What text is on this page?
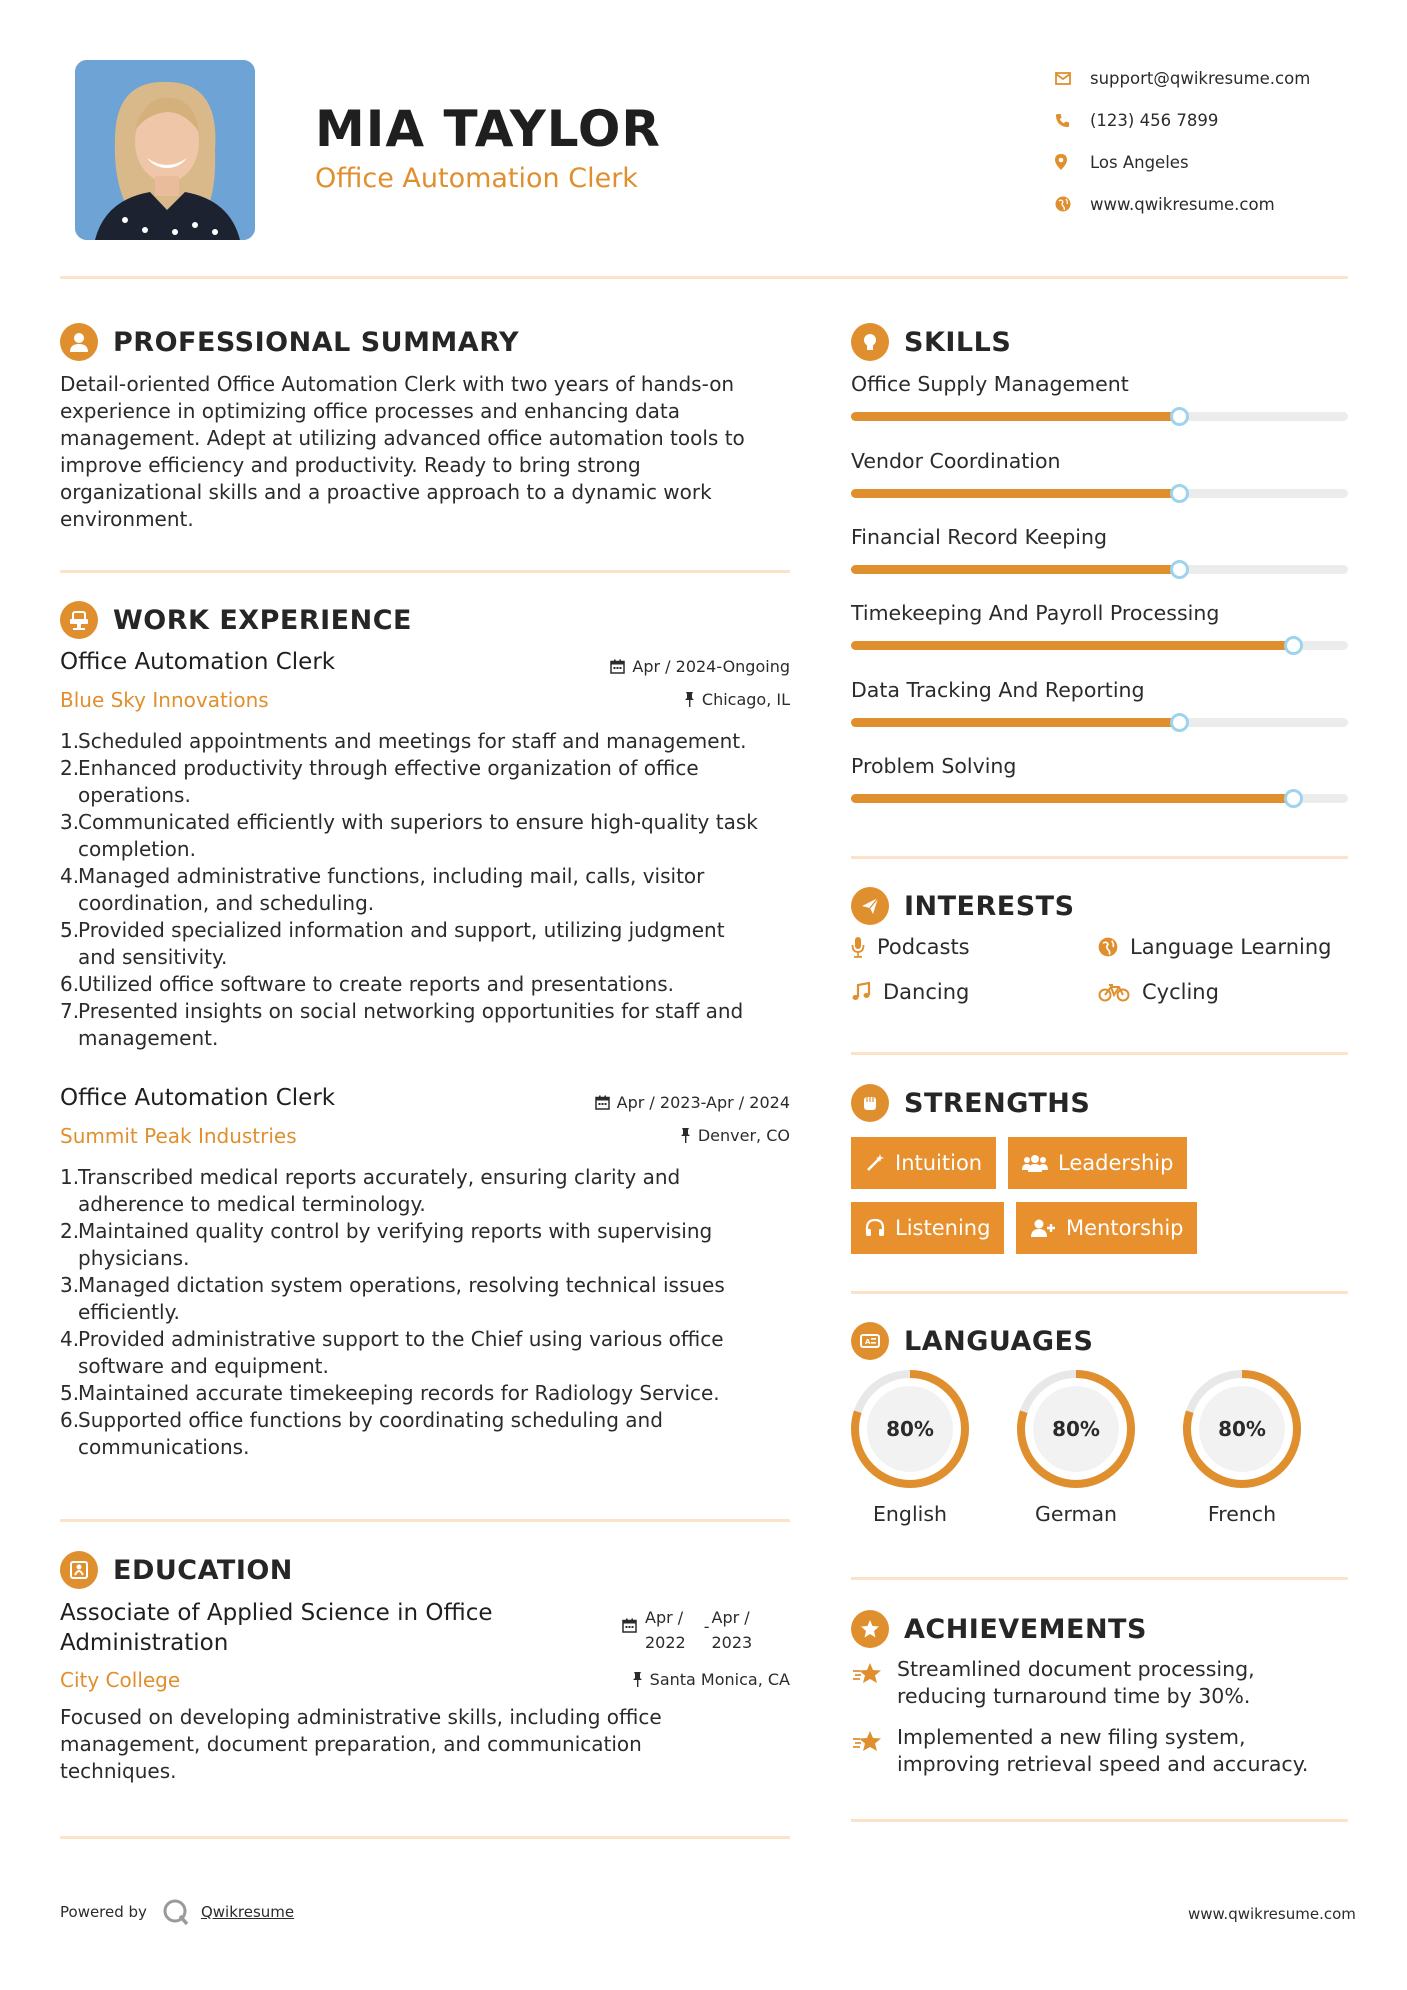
MIA TAYLOR
Office Automation Clerk
support@qwikresume.com
(123) 456 7899
Los Angeles
www.qwikresume.com
PROFESSIONAL SUMMARY
Detail-oriented Office Automation Clerk with two years of hands-on
experience in optimizing office processes and enhancing data
management. Adept at utilizing advanced office automation tools to
improve efficiency and productivity. Ready to bring strong
organizational skills and a proactive approach to a dynamic work
environment.
WORK EXPERIENCE
Office Automation Clerk	Apr / 2024-Ongoing
Blue Sky Innovations	Chicago, IL
1.
Scheduled appointments and meetings for staff and management.
2.
Enhanced productivity through effective organization of office
operations.
3.
Communicated efficiently with superiors to ensure high-quality task
completion.
4.
Managed administrative functions, including mail, calls, visitor
coordination, and scheduling.
5.
Provided specialized information and support, utilizing judgment
and sensitivity.
6.
Utilized office software to create reports and presentations.
7.
Presented insights on social networking opportunities for staff and
management.
Office Automation Clerk	Apr / 2023-Apr / 2024
Summit Peak Industries	Denver, CO
1.
Transcribed medical reports accurately, ensuring clarity and
adherence to medical terminology.
2.
Maintained quality control by verifying reports with supervising
physicians.
3.
Managed dictation system operations, resolving technical issues
efficiently.
4.
Provided administrative support to the Chief using various office
software and equipment.
5.
Maintained accurate timekeeping records for Radiology Service.
6.
Supported office functions by coordinating scheduling and
communications.
EDUCATION
Associate of Applied Science in Office
Administration
Apr /
2022
- Apr /
2023
City College	Santa Monica, CA
Focused on developing administrative skills, including office
management, document preparation, and communication
techniques.
SKILLS
Office Supply Management
Vendor Coordination
Financial Record Keeping
Timekeeping And Payroll Processing
Data Tracking And Reporting
Problem Solving
INTERESTS
Podcasts	Language Learning
Dancing	Cycling
STRENGTHS
Intuition	Leadership
Listening	Mentorship
A LANGUAGES
80%
English
80%
German
80%
French
ACHIEVEMENTS
Streamlined document processing,
reducing turnaround time by 30%.
Implemented a new filing system,
improving retrieval speed and accuracy.
Powered by	Qwikresume	www.qwikresume.com
